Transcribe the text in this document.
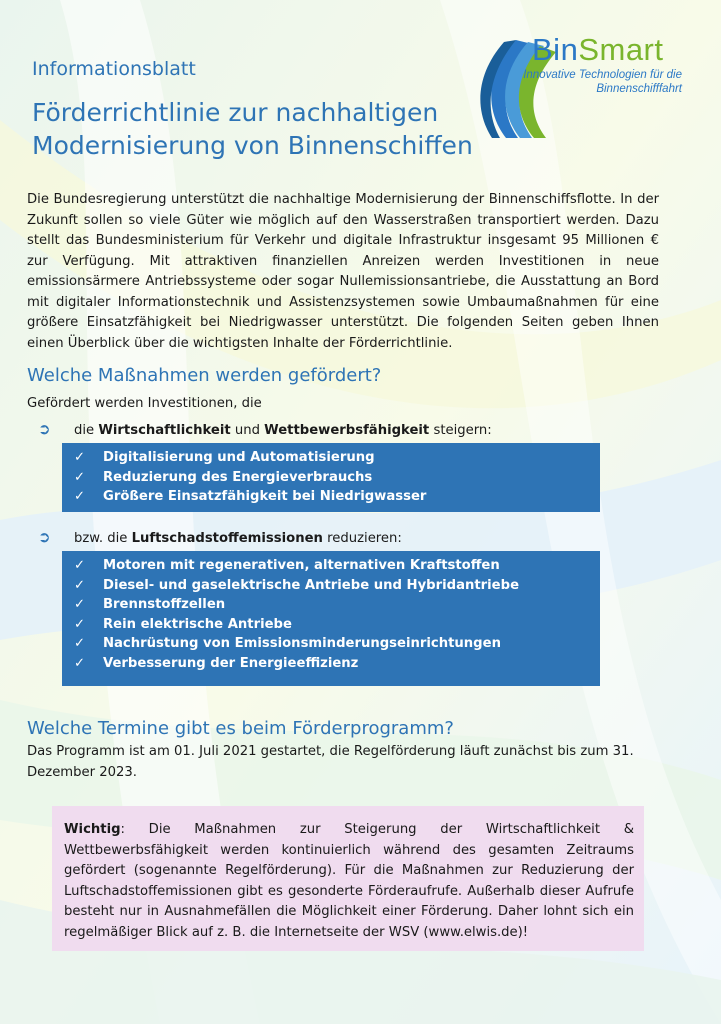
Informationsblatt
Förderrichtlinie zur nachhaltigen Modernisierung von Binnenschiffen
BinSmart
Innovative Technologien für die Binnenschifffahrt

Die Bundesregierung unterstützt die nachhaltige Modernisierung der Binnenschiffsflotte. In der Zukunft sollen so viele Güter wie möglich auf den Wasserstraßen transportiert werden. Dazu stellt das Bundesministerium für Verkehr und digitale Infrastruktur insgesamt 95 Millionen € zur Verfügung. Mit attraktiven finanziellen Anreizen werden Investitionen in neue emissionsärmere Antriebssysteme oder sogar Nullemissionsantriebe, die Ausstattung an Bord mit digitaler Informationstechnik und Assistenzsystemen sowie Umbaumaßnahmen für eine größere Einsatzfähigkeit bei Niedrigwasser unterstützt. Die folgenden Seiten geben Ihnen einen Überblick über die wichtigsten Inhalte der Förderrichtlinie.

Welche Maßnahmen werden gefördert?
Gefördert werden Investitionen, die
➲ die Wirtschaftlichkeit und Wettbewerbsfähigkeit steigern:
✓ Digitalisierung und Automatisierung
✓ Reduzierung des Energieverbrauchs
✓ Größere Einsatzfähigkeit bei Niedrigwasser
➲ bzw. die Luftschadstoffemissionen reduzieren:
✓ Motoren mit regenerativen, alternativen Kraftstoffen
✓ Diesel- und gaselektrische Antriebe und Hybridantriebe
✓ Brennstoffzellen
✓ Rein elektrische Antriebe
✓ Nachrüstung von Emissionsminderungseinrichtungen
✓ Verbesserung der Energieeffizienz
Welche Termine gibt es beim Förderprogramm?

Das Programm ist am 01. Juli 2021 gestartet, die Regelförderung läuft zunächst bis zum 31. Dezember 2023.

Wichtig: Die Maßnahmen zur Steigerung der Wirtschaftlichkeit & Wettbewerbsfähigkeit werden kontinuierlich während des gesamten Zeitraums gefördert (sogenannte Regelförderung). Für die Maßnahmen zur Reduzierung der Luftschadstoffemissionen gibt es gesonderte Förderaufrufe. Außerhalb dieser Aufrufe besteht nur in Ausnahmefällen die Möglichkeit einer Förderung. Daher lohnt sich ein regelmäßiger Blick auf z. B. die Internetseite der WSV (www.elwis.de)!
